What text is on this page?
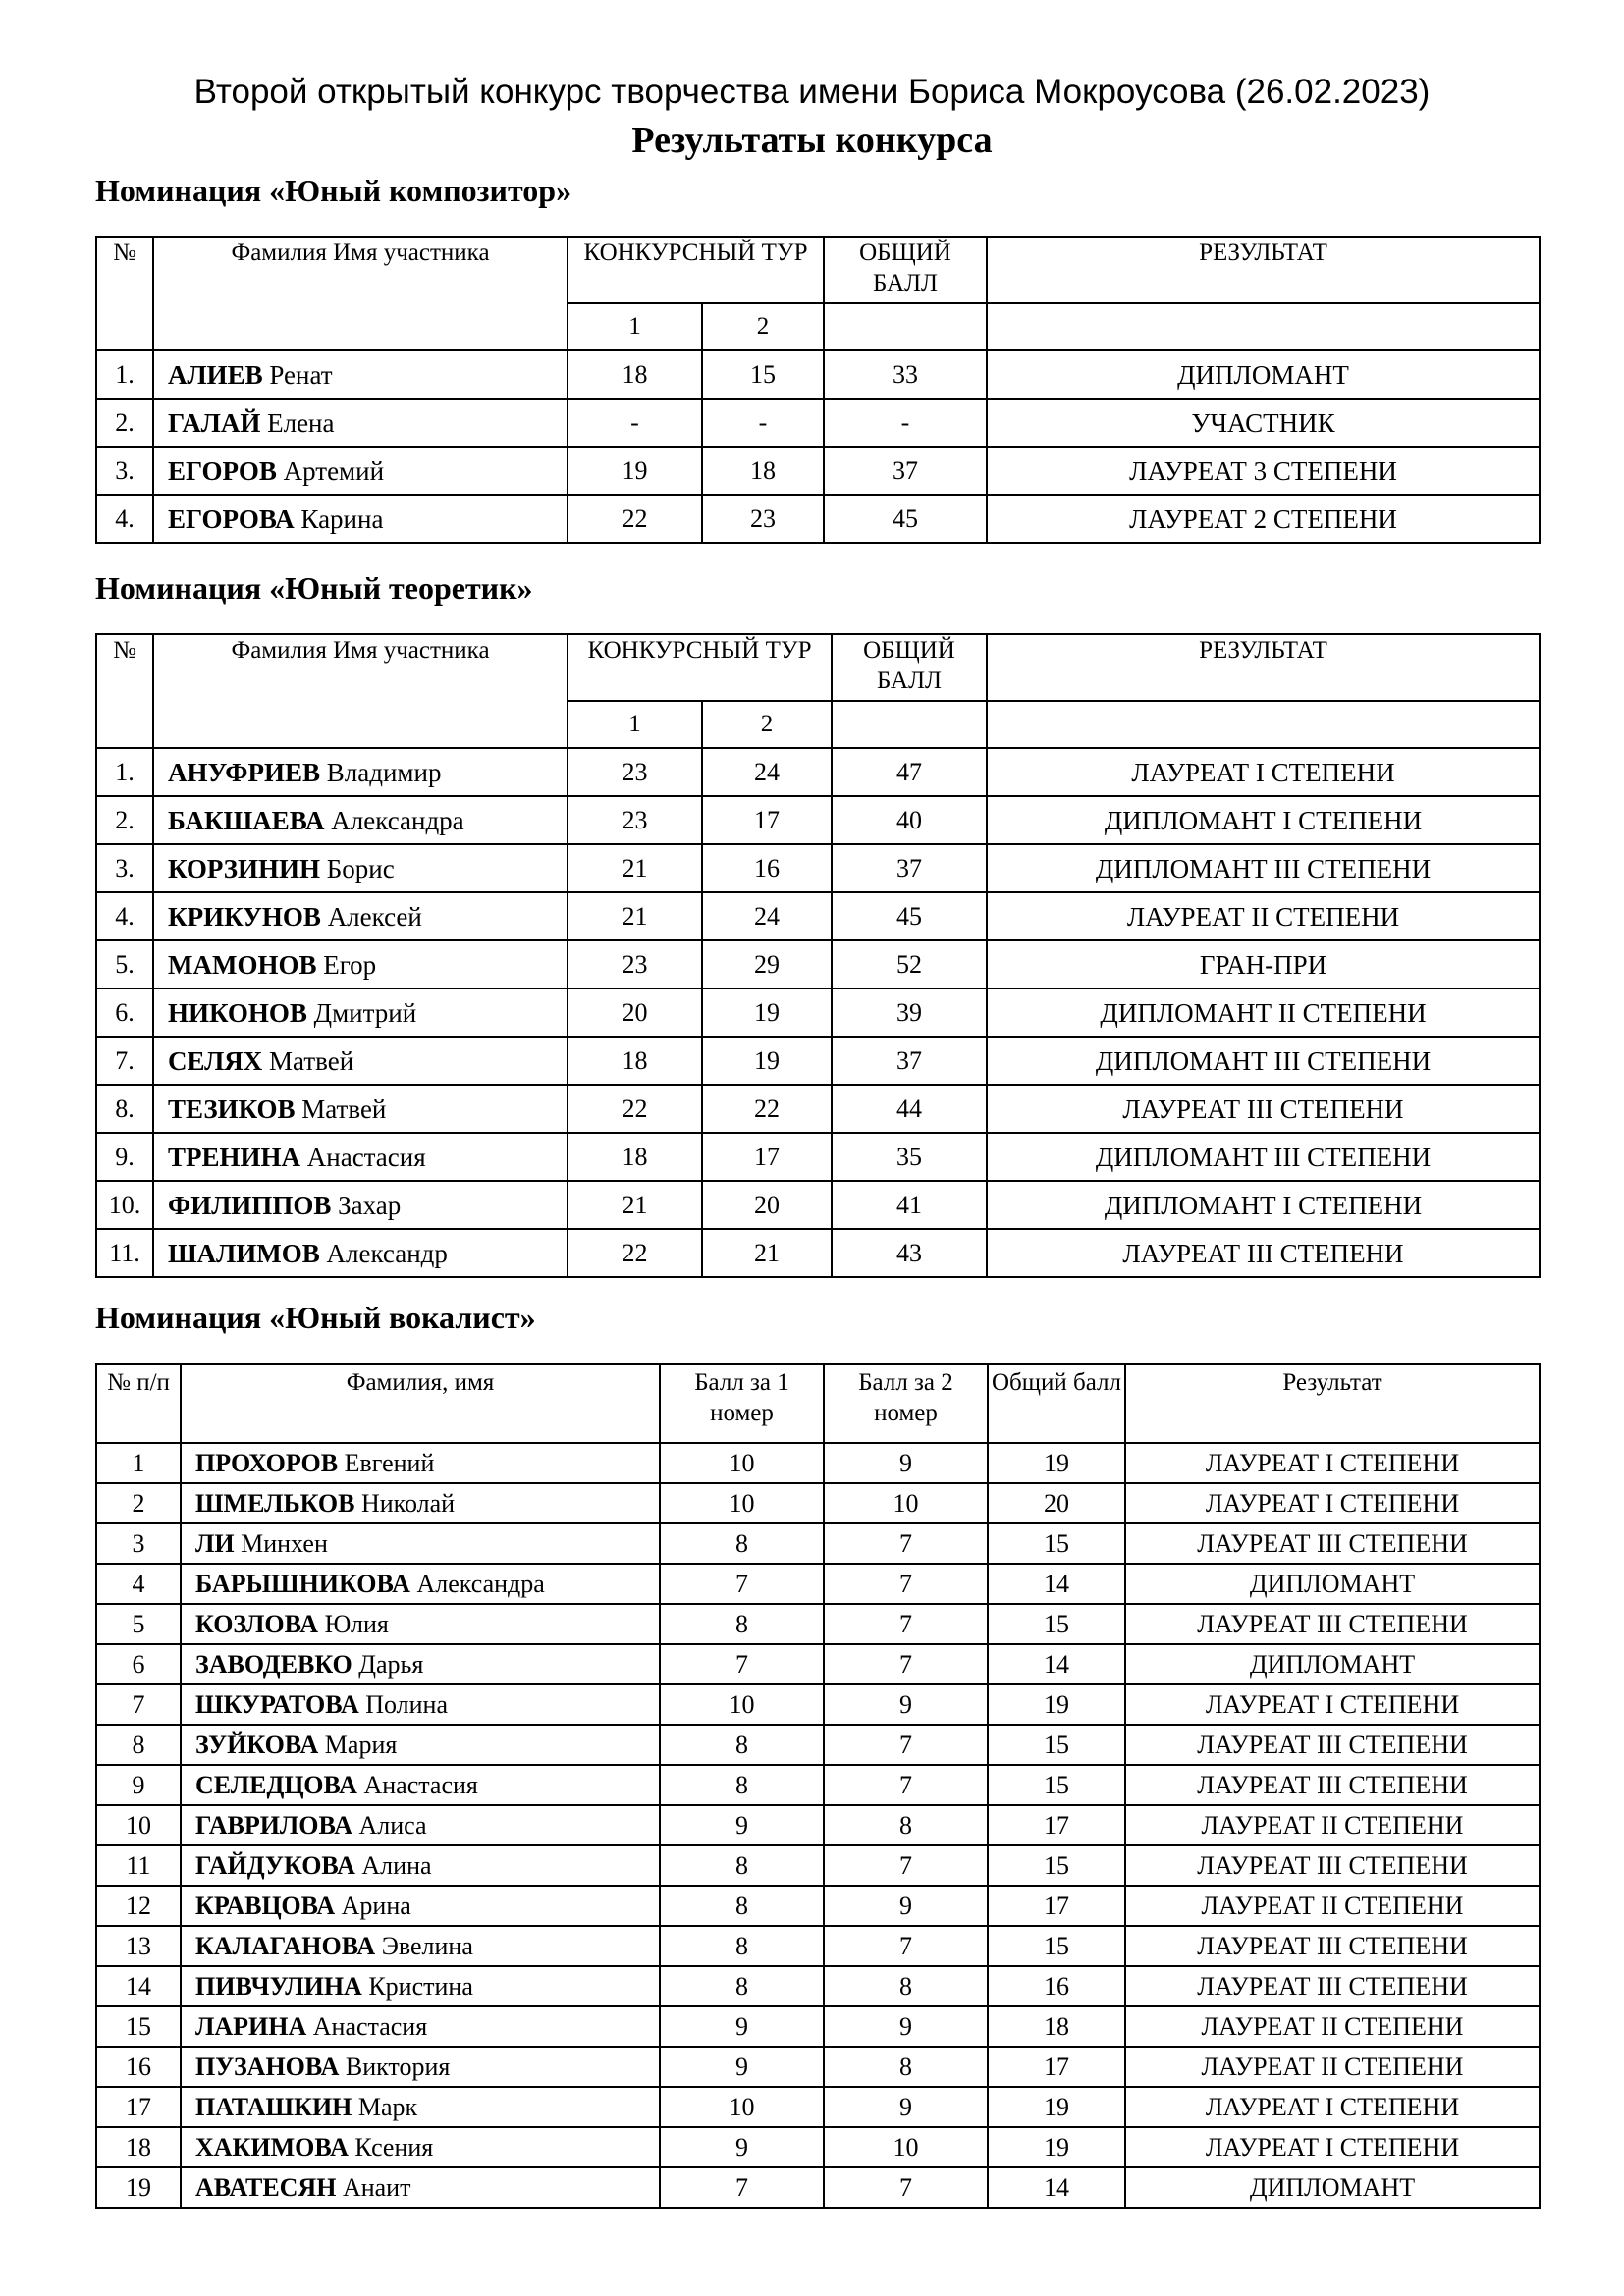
Второй открытый конкурс творчества имени Бориса Мокроусова (26.02.2023)
Результаты конкурса
Номинация «Юный композитор»
№	Фамилия Имя участника	КОНКУРСНЫЙ ТУР		ОБЩИЙ БАЛЛ	РЕЗУЛЬТАТ
		1	2		
1.	АЛИЕВ Ренат	18	15	33	ДИПЛОМАНТ
2.	ГАЛАЙ Елена	-	-	-	УЧАСТНИК
3.	ЕГОРОВ Артемий	19	18	37	ЛАУРЕАТ 3 СТЕПЕНИ
4.	ЕГОРОВА Карина	22	23	45	ЛАУРЕАТ 2 СТЕПЕНИ
Номинация «Юный теоретик»
№	Фамилия Имя участника	КОНКУРСНЫЙ ТУР		ОБЩИЙ БАЛЛ	РЕЗУЛЬТАТ
		1	2		
1.	АНУФРИЕВ Владимир	23	24	47	ЛАУРЕАТ I СТЕПЕНИ
2.	БАКШАЕВА Александра	23	17	40	ДИПЛОМАНТ I СТЕПЕНИ
3.	КОРЗИНИН Борис	21	16	37	ДИПЛОМАНТ III СТЕПЕНИ
4.	КРИКУНОВ Алексей	21	24	45	ЛАУРЕАТ II СТЕПЕНИ
5.	МАМОНОВ Егор	23	29	52	ГРАН-ПРИ
6.	НИКОНОВ Дмитрий	20	19	39	ДИПЛОМАНТ II СТЕПЕНИ
7.	СЕЛЯХ Матвей	18	19	37	ДИПЛОМАНТ III СТЕПЕНИ
8.	ТЕЗИКОВ Матвей	22	22	44	ЛАУРЕАТ III СТЕПЕНИ
9.	ТРЕНИНА Анастасия	18	17	35	ДИПЛОМАНТ III СТЕПЕНИ
10.	ФИЛИППОВ Захар	21	20	41	ДИПЛОМАНТ I СТЕПЕНИ
11.	ШАЛИМОВ Александр	22	21	43	ЛАУРЕАТ III СТЕПЕНИ
Номинация «Юный вокалист»
№ п/п	Фамилия, имя	Балл за 1 номер	Балл за 2 номер	Общий балл	Результат
1	ПРОХОРОВ Евгений	10	9	19	ЛАУРЕАТ I СТЕПЕНИ
2	ШМЕЛЬКОВ Николай	10	10	20	ЛАУРЕАТ I СТЕПЕНИ
3	ЛИ Минхен	8	7	15	ЛАУРЕАТ III СТЕПЕНИ
4	БАРЫШНИКОВА Александра	7	7	14	ДИПЛОМАНТ
5	КОЗЛОВА Юлия	8	7	15	ЛАУРЕАТ III СТЕПЕНИ
6	ЗАВОДЕВКО Дарья	7	7	14	ДИПЛОМАНТ
7	ШКУРАТОВА Полина	10	9	19	ЛАУРЕАТ I СТЕПЕНИ
8	ЗУЙКОВА Мария	8	7	15	ЛАУРЕАТ III СТЕПЕНИ
9	СЕЛЕДЦОВА Анастасия	8	7	15	ЛАУРЕАТ III СТЕПЕНИ
10	ГАВРИЛОВА Алиса	9	8	17	ЛАУРЕАТ II СТЕПЕНИ
11	ГАЙДУКОВА Алина	8	7	15	ЛАУРЕАТ III СТЕПЕНИ
12	КРАВЦОВА Арина	8	9	17	ЛАУРЕАТ II СТЕПЕНИ
13	КАЛАГАНОВА Эвелина	8	7	15	ЛАУРЕАТ III СТЕПЕНИ
14	ПИВЧУЛИНА Кристина	8	8	16	ЛАУРЕАТ III СТЕПЕНИ
15	ЛАРИНА Анастасия	9	9	18	ЛАУРЕАТ II СТЕПЕНИ
16	ПУЗАНОВА Виктория	9	8	17	ЛАУРЕАТ II СТЕПЕНИ
17	ПАТАШКИН Марк	10	9	19	ЛАУРЕАТ I СТЕПЕНИ
18	ХАКИМОВА Ксения	9	10	19	ЛАУРЕАТ I СТЕПЕНИ
19	АВАТЕСЯН Анаит	7	7	14	ДИПЛОМАНТ
